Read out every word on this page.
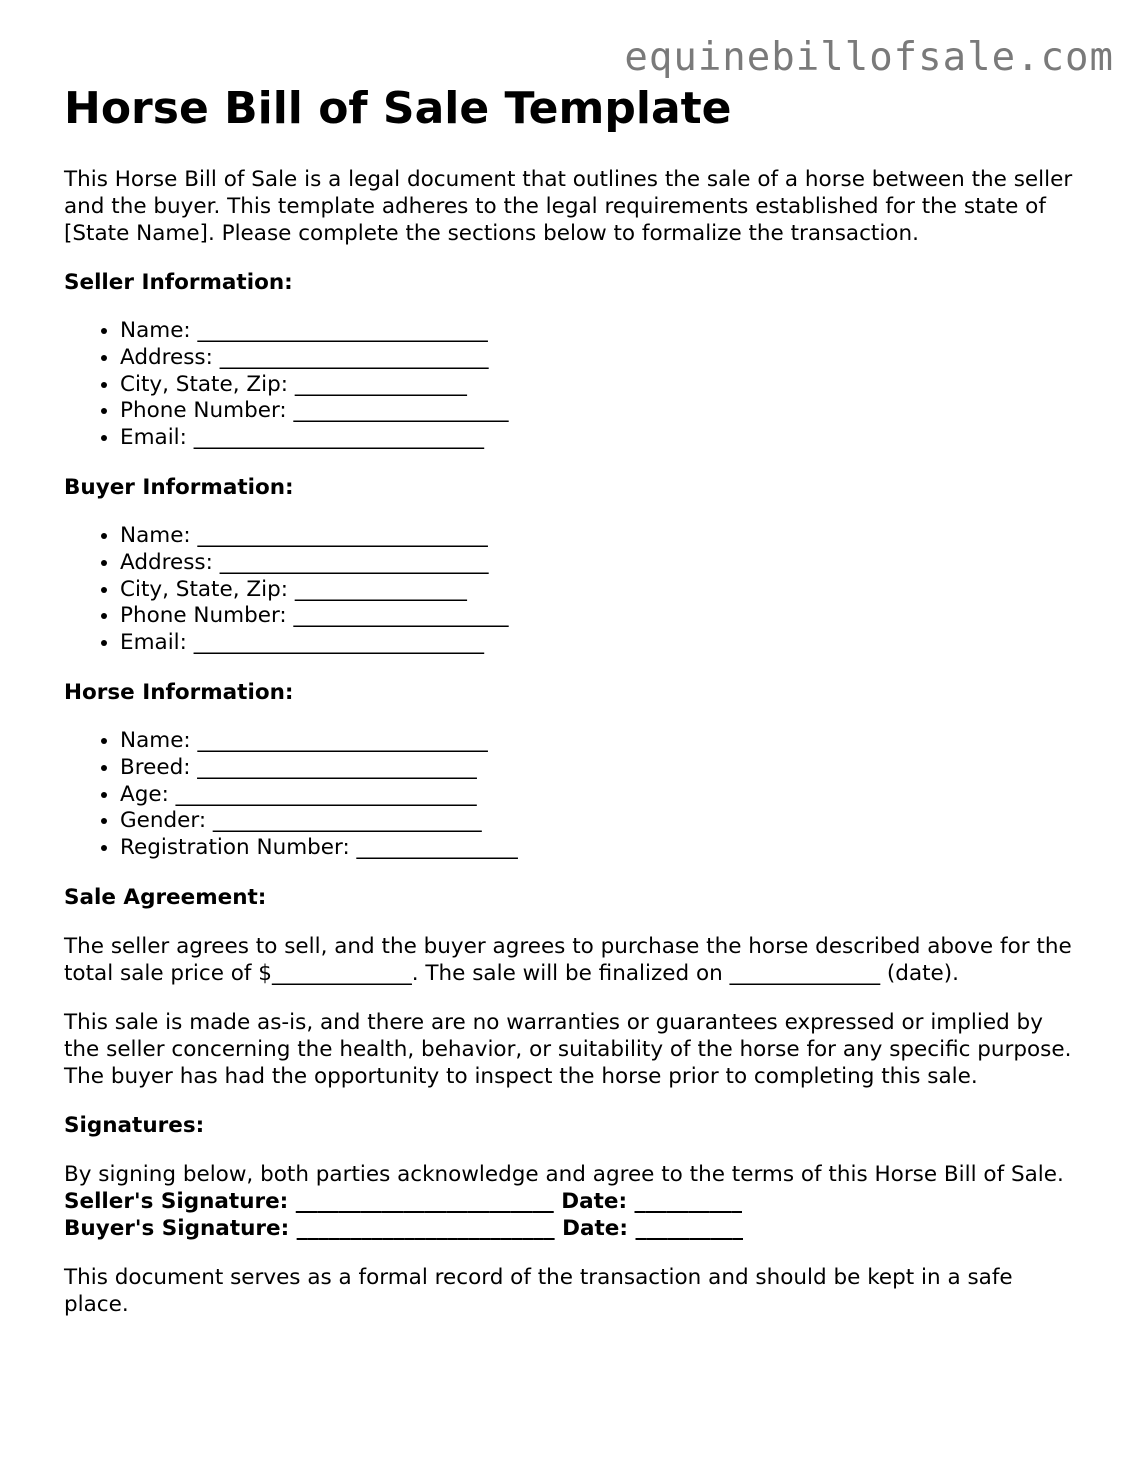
equinebillofsale.com
Horse Bill of Sale Template

This Horse Bill of Sale is a legal document that outlines the sale of a horse between the seller and the buyer. This template adheres to the legal requirements established for the state of [State Name]. Please complete the sections below to formalize the transaction.

Seller Information:

• Name: ___________________________
• Address: _________________________
• City, State, Zip: ________________
• Phone Number: ____________________
• Email: ___________________________

Buyer Information:

• Name: ___________________________
• Address: _________________________
• City, State, Zip: ________________
• Phone Number: ____________________
• Email: ___________________________

Horse Information:

• Name: ___________________________
• Breed: __________________________
• Age: ____________________________
• Gender: _________________________
• Registration Number: _______________

Sale Agreement:

The seller agrees to sell, and the buyer agrees to purchase the horse described above for the total sale price of $_____________. The sale will be finalized on ______________ (date).

This sale is made as-is, and there are no warranties or guarantees expressed or implied by the seller concerning the health, behavior, or suitability of the horse for any specific purpose. The buyer has had the opportunity to inspect the horse prior to completing this sale.

Signatures:

By signing below, both parties acknowledge and agree to the terms of this Horse Bill of Sale.

Seller's Signature: ________________________ Date: __________

Buyer's Signature: ________________________ Date: __________

This document serves as a formal record of the transaction and should be kept in a safe place.
